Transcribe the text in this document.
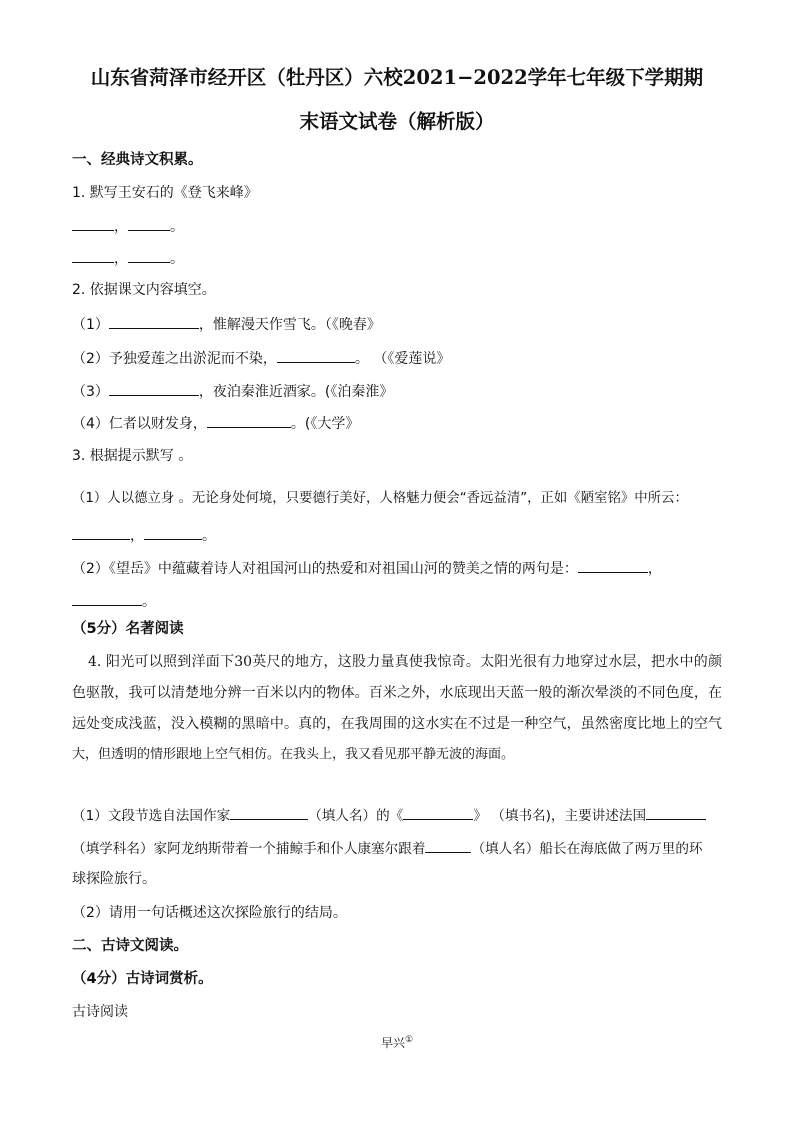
山东省菏泽市经开区（牡丹区）六校2021−2022学年七年级下学期期
末语文试卷（解析版）
一、经典诗文积累。
1. 默写王安石的《登飞来峰》
，	。
，	。
2. 依据课文内容填空。
（1）	，惟解漫天作雪飞。（《晚春》
（2）予独爱莲之出淤泥而不染，	。 （《爱莲说》
（3）	，夜泊秦淮近酒家。(《泊秦淮》
（4）仁者以财发身，	。(《大学》
3. 根据提示默写 。
（1）人以德立身 。无论身处何境，只要德行美好，人格魅力便会“香远益清”，正如《陋室铭》中所云：
，	。
（2）《望岳》中蕴藏着诗人对祖国河山的热爱和对祖国山河的赞美之情的两句是：	，
。
（5分）名著阅读
4. 阳光可以照到洋面下30英尺的地方，这股力量真使我惊奇。太阳光很有力地穿过水层，把水中的颜
色驱散，我可以清楚地分辨一百米以内的物体。百米之外，水底现出天蓝一般的渐次晕淡的不同色度，在
远处变成浅蓝，没入模糊的黑暗中。真的，在我周围的这水实在不过是一种空气，虽然密度比地上的空气
大，但透明的情形跟地上空气相仿。在我头上，我又看见那平静无波的海面。
（1）文段节选自法国作家	（填人名）的《	》 （填书名)，主要讲述法国
（填学科名）家阿龙纳斯带着一个捕鲸手和仆人康塞尔跟着	（填人名）船长在海底做了两万里的环
球探险旅行。
（2）请用一句话概述这次探险旅行的结局。
二、古诗文阅读。
（4分）古诗词赏析。
古诗阅读
早兴①
